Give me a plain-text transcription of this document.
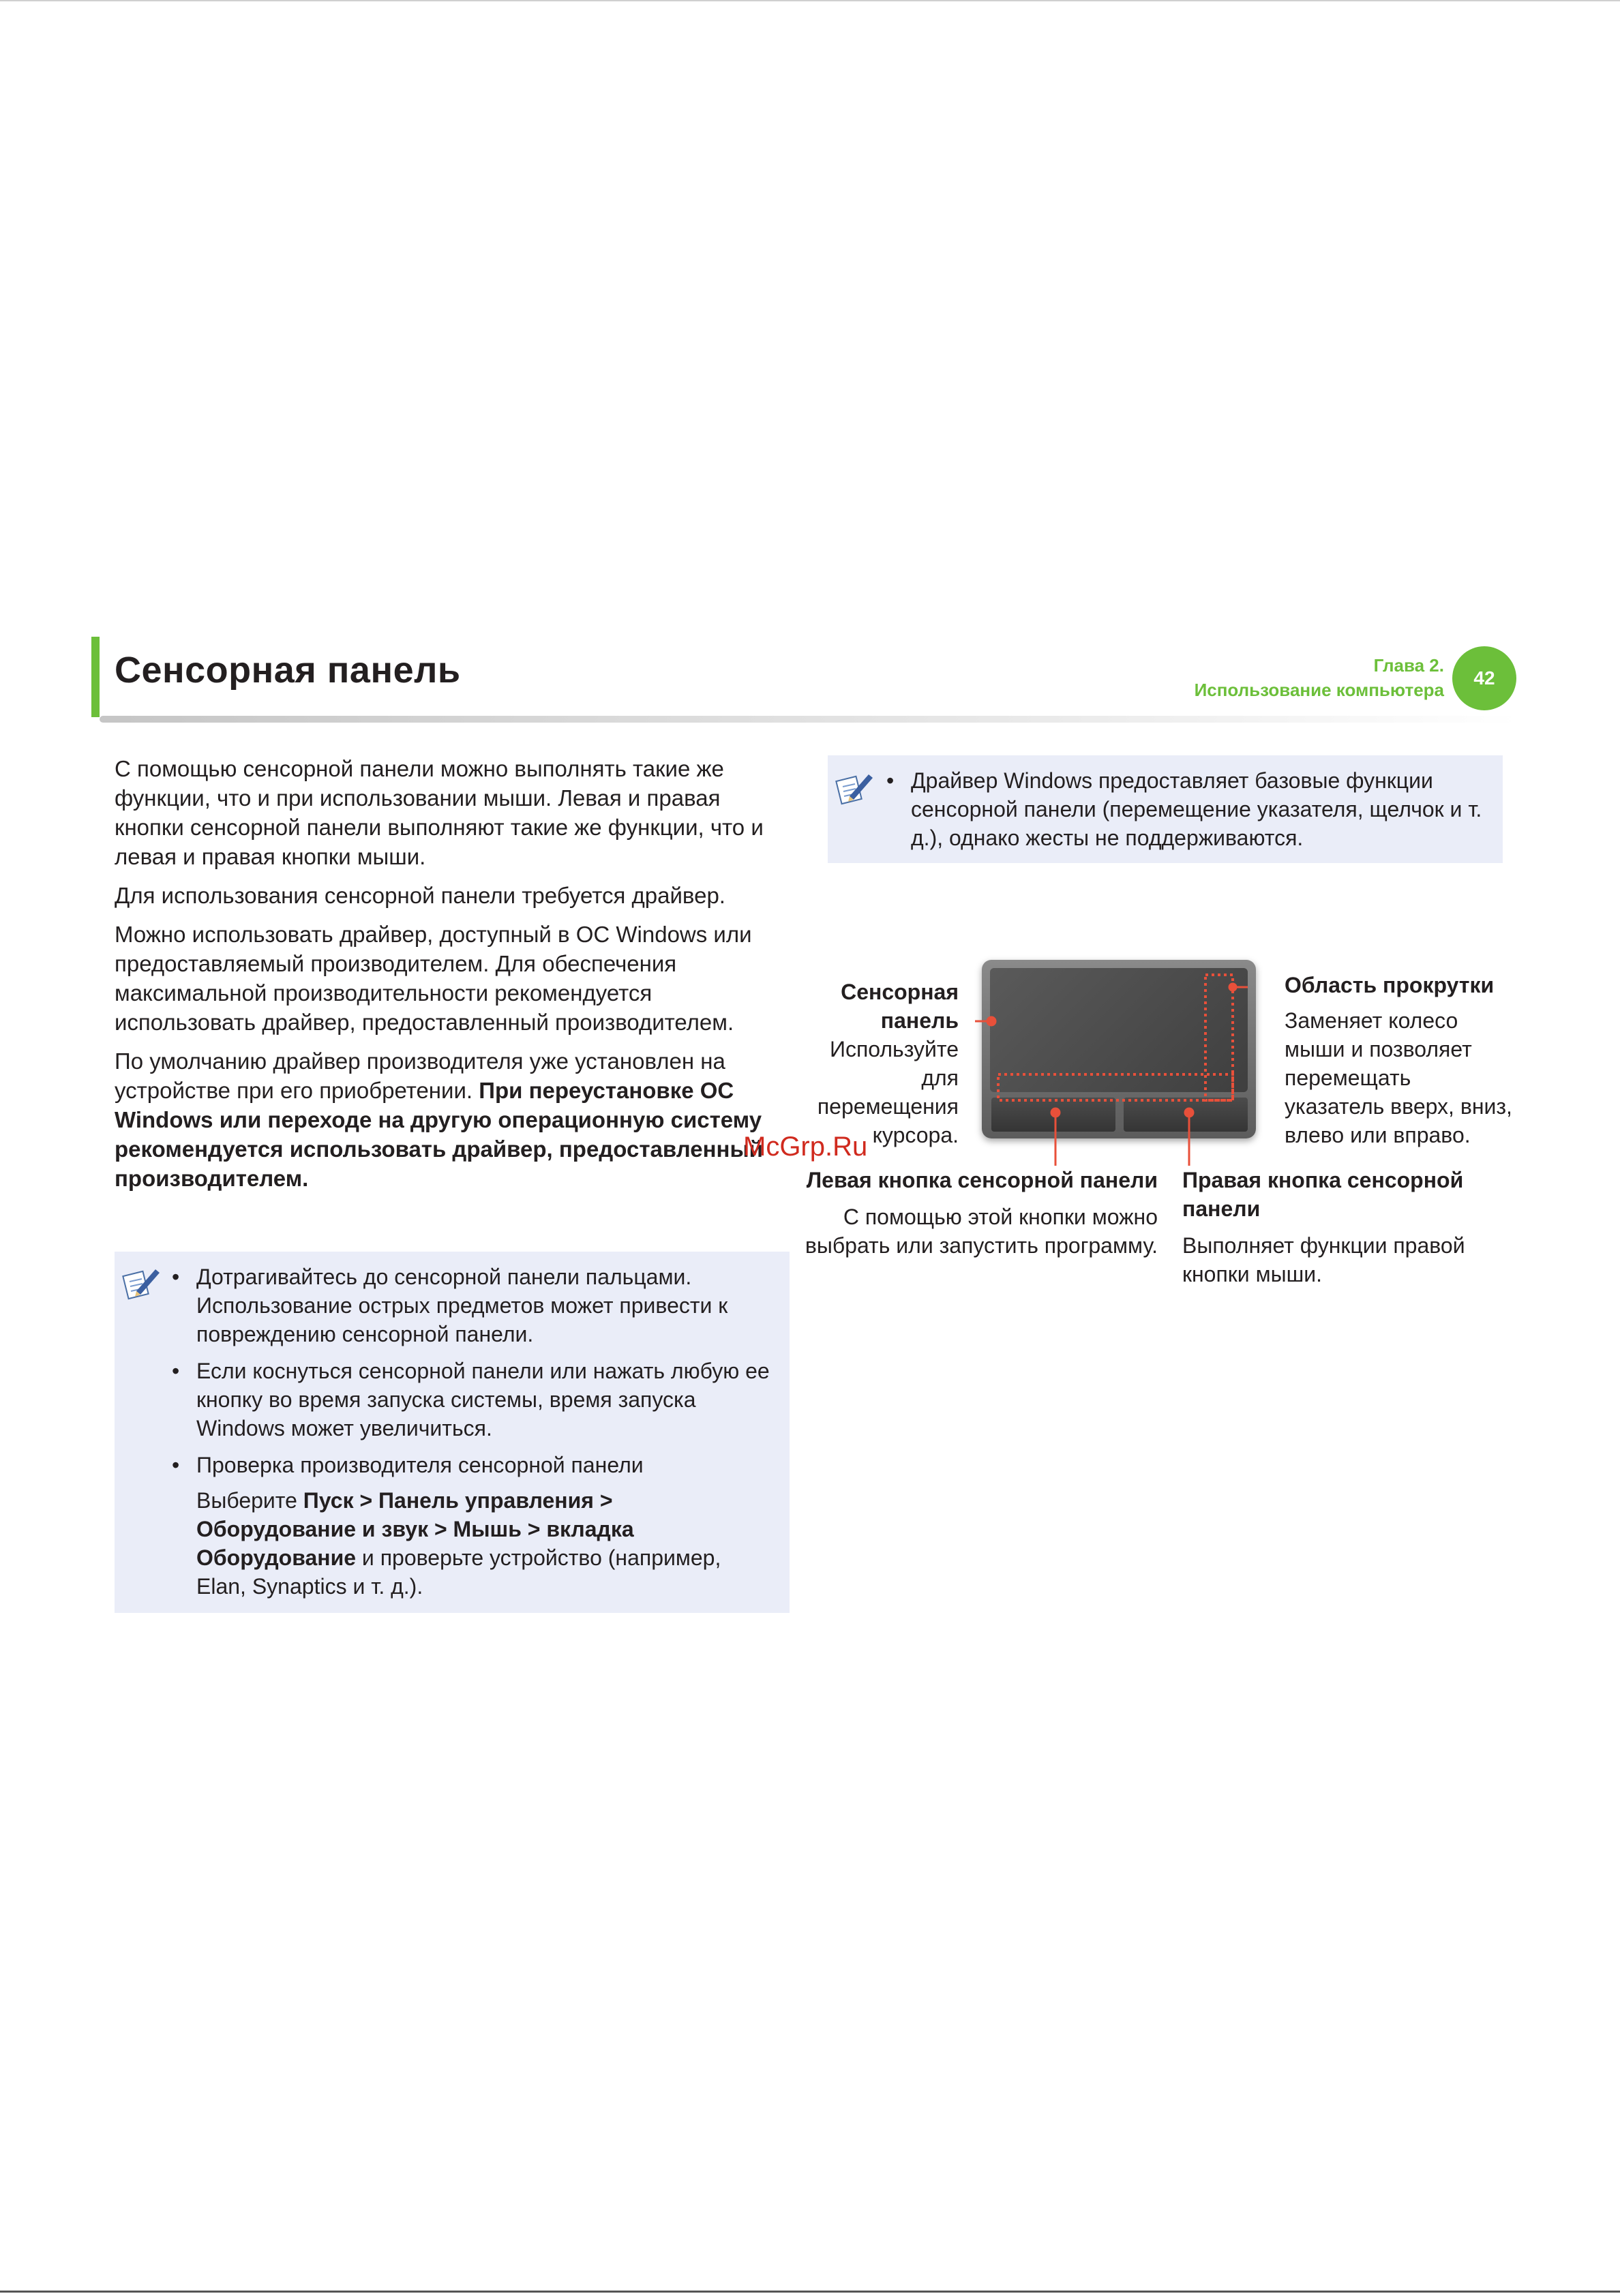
Сенсорная панель	Глава 2.
Использование компьютера
42

С помощью сенсорной панели можно выполнять такие же функции, что и при использовании мыши. Левая и правая кнопки сенсорной панели выполняют такие же функции, что и левая и правая кнопки мыши.

Для использования сенсорной панели требуется драйвер.

Можно использовать драйвер, доступный в ОС Windows или предоставляемый производителем. Для обеспечения максимальной производительности рекомендуется использовать драйвер, предоставленный производителем.

По умолчанию драйвер производителя уже установлен на устройстве при его приобретении. При переустановке ОС Windows или переходе на другую операционную систему рекомендуется использовать драйвер, предоставленный производителем.

• Драйвер Windows предоставляет базовые функции сенсорной панели (перемещение указателя, щелчок и т. д.), однако жесты не поддерживаются.
• Дотрагивайтесь до сенсорной панели пальцами. Использование острых предметов может привести к повреждению сенсорной панели.
• Если коснуться сенсорной панели или нажать любую ее кнопку во время запуска системы, время запуска Windows может увеличиться.
• Проверка производителя сенсорной панели
Выберите Пуск > Панель управления > Оборудование и звук > Мышь > вкладка Оборудование и проверьте устройство (например, Elan, Synaptics и т. д.).
Сенсорная панель
Используйте для перемещения курсора.
Область прокрутки
Заменяет колесо мыши и позволяет перемещать указатель вверх, вниз, влево или вправо.
Левая кнопка сенсорной панели
С помощью этой кнопки можно выбрать или запустить программу.
Правая кнопка сенсорной панели
Выполняет функции правой кнопки мыши.
McGrp.Ru
